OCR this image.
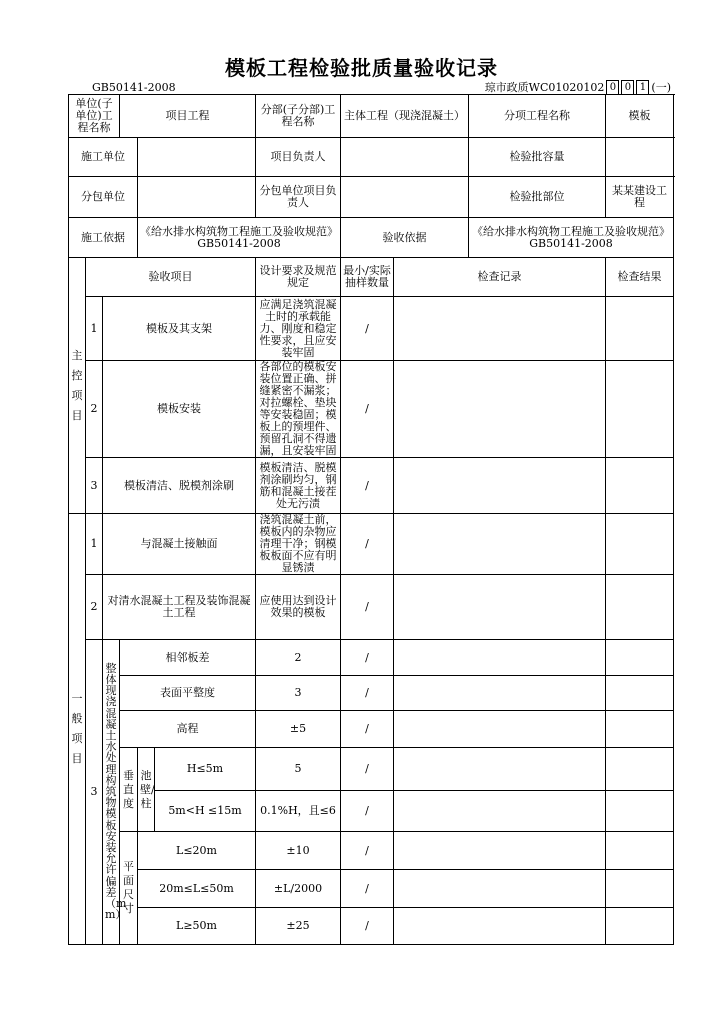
模板工程检验批质量验收记录
GB50141-2008	琼市政质WC01020102 0 0 1 (一)
单位(子单位)工程名称			项目工程			分部(子分部)工程名称	主体工程（现浇混凝土）		分项工程名称	模板
施工单位						项目负责人			检验批容量	
分包单位						分包单位项目负责人			检验批部位	某某建设工程
施工依据				《给水排水构筑物工程施工及验收规范》GB50141-2008			验收依据		《给水排水构筑物工程施工及验收规范》GB50141-2008	
主控项目	验收项目					设计要求及规范规定	最小/实际抽样数量	检查记录		检查结果
	1	模板及其支架				应满足浇筑混凝土时的承载能力、刚度和稳定性要求，且应安装牢固	/			
	2	模板安装				各部位的模板安装位置正确、拼缝紧密不漏浆；对拉螺栓、垫块等安装稳固；模板上的预埋件、预留孔洞不得遗漏，且安装牢固	/			
	3	模板清洁、脱模剂涂刷				模板清洁、脱模剂涂刷均匀，钢筋和混凝土接茬处无污渍	/			
一般项目	1	与混凝土接触面				浇筑混凝土前，模板内的杂物应清理干净；钢模板板面不应有明显锈渍	/			
	2	对清水混凝土工程及装饰混凝土工程				应使用达到设计效果的模板	/			
	3	整体现浇混凝土水处理构筑物模板安装允许偏差（mm）	相邻板差			2	/			
			表面平整度			3	/			
			高程			±5	/			
			垂直度	池壁/柱	H≤5m	5	/			
					5m<H ≤15m	0.1%H，且≤6	/			
			平面尺寸	L≤20m		±10	/			
				20m≤L≤50m		±L/2000	/			
				L≥50m		±25	/			
